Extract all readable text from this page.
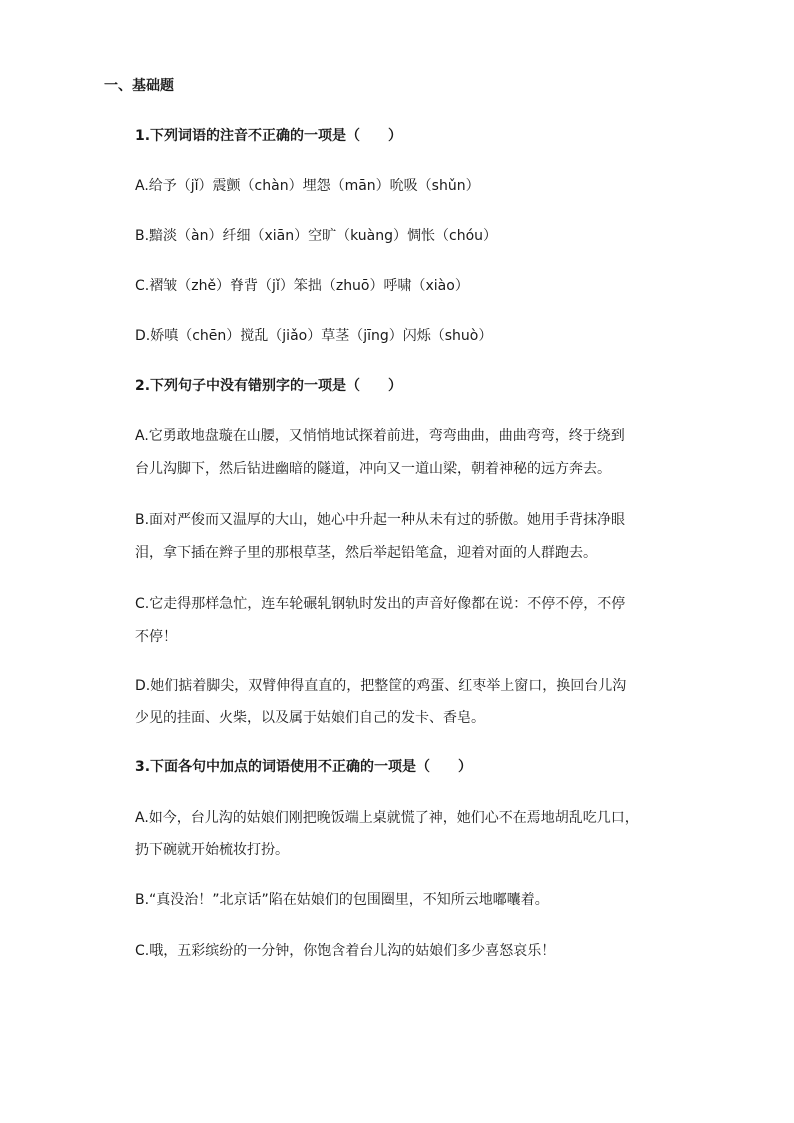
一、基础题
1.下列词语的注音不正确的一项是（　　）
A.给予（jǐ）震颤（chàn）埋怨（mān）吮吸（shǔn）
B.黯淡（àn）纤细（xiān）空旷（kuàng）惆怅（chóu）
C.褶皱（zhě）脊背（jǐ）笨拙（zhuō）呼啸（xiào）
D.娇嗔（chēn）搅乱（jiǎo）草茎（jīng）闪烁（shuò）
2.下列句子中没有错别字的一项是（　　）
A.它勇敢地盘璇在山腰，又悄悄地试探着前进，弯弯曲曲，曲曲弯弯，终于绕到
台儿沟脚下，然后钻进幽暗的隧道，冲向又一道山梁，朝着神秘的远方奔去。
B.面对严俊而又温厚的大山，她心中升起一种从未有过的骄傲。她用手背抹净眼
泪，拿下插在辫子里的那根草茎，然后举起铅笔盒，迎着对面的人群跑去。
C.它走得那样急忙，连车轮碾轧钢轨时发出的声音好像都在说：不停不停，不停
不停！
D.她们掂着脚尖，双臂伸得直直的，把整筐的鸡蛋、红枣举上窗口，换回台儿沟
少见的挂面、火柴，以及属于姑娘们自己的发卡、香皂。
3.下面各句中加点的词语使用不正确的一项是（　　）
A.如今，台儿沟的姑娘们刚把晚饭端上桌就慌了神，她们心不在焉地胡乱吃几口，
扔下碗就开始梳妆打扮。
B.“真没治！”北京话”陷在姑娘们的包围圈里，不知所云地嘟囔着。
C.哦，五彩缤纷的一分钟，你饱含着台儿沟的姑娘们多少喜怒哀乐！
